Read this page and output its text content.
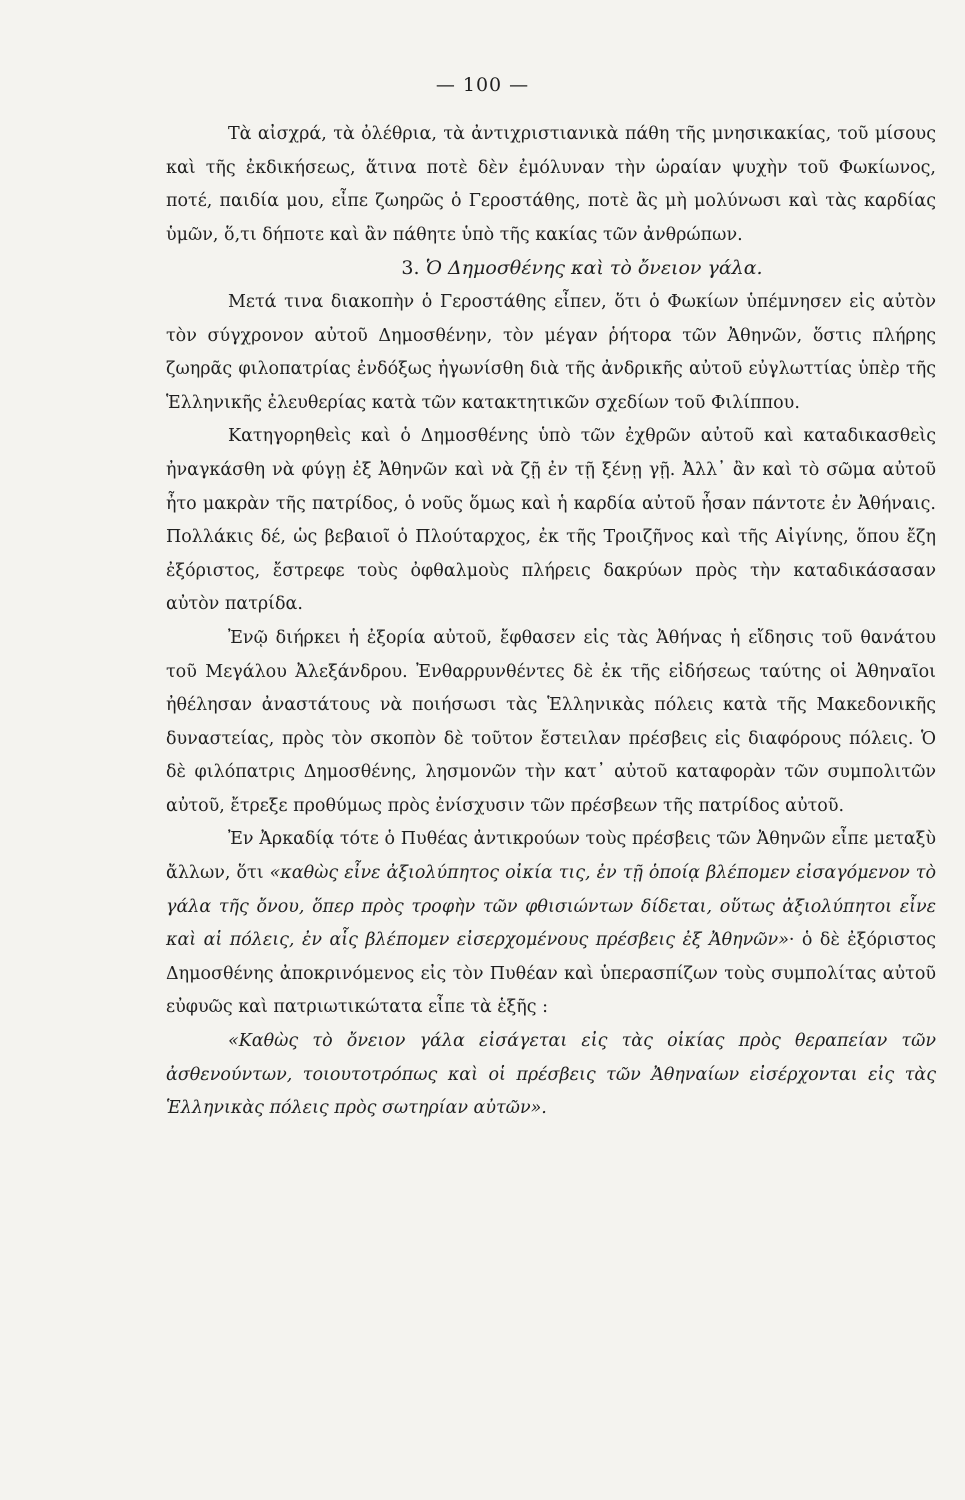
— 100 —

Τὰ αἰσχρά, τὰ ὀλέθρια, τὰ ἀντιχριστιανικὰ πάθη τῆς μνησικακίας, τοῦ μίσους καὶ τῆς ἐκδικήσεως, ἅτινα ποτὲ δὲν ἐμόλυναν τὴν ὡραίαν ψυχὴν τοῦ Φωκίωνος, ποτέ, παιδία μου, εἶπε ζωηρῶς ὁ Γεροστάθης, ποτὲ ἂς μὴ μολύνωσι καὶ τὰς καρδίας ὑμῶν, ὅ,τι δήποτε καὶ ἂν πάθητε ὑπὸ τῆς κακίας τῶν ἀνθρώπων.

3. Ὁ Δημοσθένης καὶ τὸ ὄνειον γάλα.

Μετά τινα διακοπὴν ὁ Γεροστάθης εἶπεν, ὅτι ὁ Φωκίων ὑπέμνησεν εἰς αὐτὸν τὸν σύγχρονον αὐτοῦ Δημοσθένην, τὸν μέγαν ῥήτορα τῶν Ἀθηνῶν, ὅστις πλήρης ζωηρᾶς φιλοπατρίας ἐνδόξως ἠγωνίσθη διὰ τῆς ἀνδρικῆς αὐτοῦ εὐγλωττίας ὑπὲρ τῆς Ἑλληνικῆς ἐλευθερίας κατὰ τῶν κατακτητικῶν σχεδίων τοῦ Φιλίππου.

Κατηγορηθεὶς καὶ ὁ Δημοσθένης ὑπὸ τῶν ἐχθρῶν αὐτοῦ καὶ καταδικασθεὶς ἠναγκάσθη νὰ φύγῃ ἐξ Ἀθηνῶν καὶ νὰ ζῇ ἐν τῇ ξένῃ γῇ. Ἀλλ᾽ ἂν καὶ τὸ σῶμα αὐτοῦ ἦτο μακρὰν τῆς πατρίδος, ὁ νοῦς ὅμως καὶ ἡ καρδία αὐτοῦ ἦσαν πάντοτε ἐν Ἀθήναις. Πολλάκις δέ, ὡς βεβαιοῖ ὁ Πλούταρχος, ἐκ τῆς Τροιζῆνος καὶ τῆς Αἰγίνης, ὅπου ἔζη ἐξόριστος, ἔστρεφε τοὺς ὀφθαλμοὺς πλήρεις δακρύων πρὸς τὴν καταδικάσασαν αὐτὸν πατρίδα.

Ἐνῷ διήρκει ἡ ἐξορία αὐτοῦ, ἔφθασεν εἰς τὰς Ἀθήνας ἡ εἴδησις τοῦ θανάτου τοῦ Μεγάλου Ἀλεξάνδρου. Ἐνθαρρυνθέντες δὲ ἐκ τῆς εἰδήσεως ταύτης οἱ Ἀθηναῖοι ἠθέλησαν ἀναστάτους νὰ ποιήσωσι τὰς Ἑλληνικὰς πόλεις κατὰ τῆς Μακεδονικῆς δυναστείας, πρὸς τὸν σκοπὸν δὲ τοῦτον ἔστειλαν πρέσβεις εἰς διαφόρους πόλεις. Ὁ δὲ φιλόπατρις Δημοσθένης, λησμονῶν τὴν κατ᾽ αὐτοῦ καταφορὰν τῶν συμπολιτῶν αὐτοῦ, ἔτρεξε προθύμως πρὸς ἐνίσχυσιν τῶν πρέσβεων τῆς πατρίδος αὐτοῦ.

Ἐν Ἀρκαδίᾳ τότε ὁ Πυθέας ἀντικρούων τοὺς πρέσβεις τῶν Ἀθηνῶν εἶπε μεταξὺ ἄλλων, ὅτι «καθὼς εἶνε ἀξιολύπητος οἰκία τις, ἐν τῇ ὁποίᾳ βλέπομεν εἰσαγόμενον τὸ γάλα τῆς ὄνου, ὅπερ πρὸς τροφὴν τῶν φθισιώντων δίδεται, οὕτως ἀξιολύπητοι εἶνε καὶ αἱ πόλεις, ἐν αἷς βλέπομεν εἰσερχομένους πρέσβεις ἐξ Ἀθηνῶν»· ὁ δὲ ἐξόριστος Δημοσθένης ἀποκρινόμενος εἰς τὸν Πυθέαν καὶ ὑπερασπίζων τοὺς συμπολίτας αὐτοῦ εὐφυῶς καὶ πατριωτικώτατα εἶπε τὰ ἑξῆς :

«Καθὼς τὸ ὄνειον γάλα εἰσάγεται εἰς τὰς οἰκίας πρὸς θεραπείαν τῶν ἀσθενούντων, τοιουτοτρόπως καὶ οἱ πρέσβεις τῶν Ἀθηναίων εἰσέρχονται εἰς τὰς Ἑλληνικὰς πόλεις πρὸς σωτηρίαν αὐτῶν».
